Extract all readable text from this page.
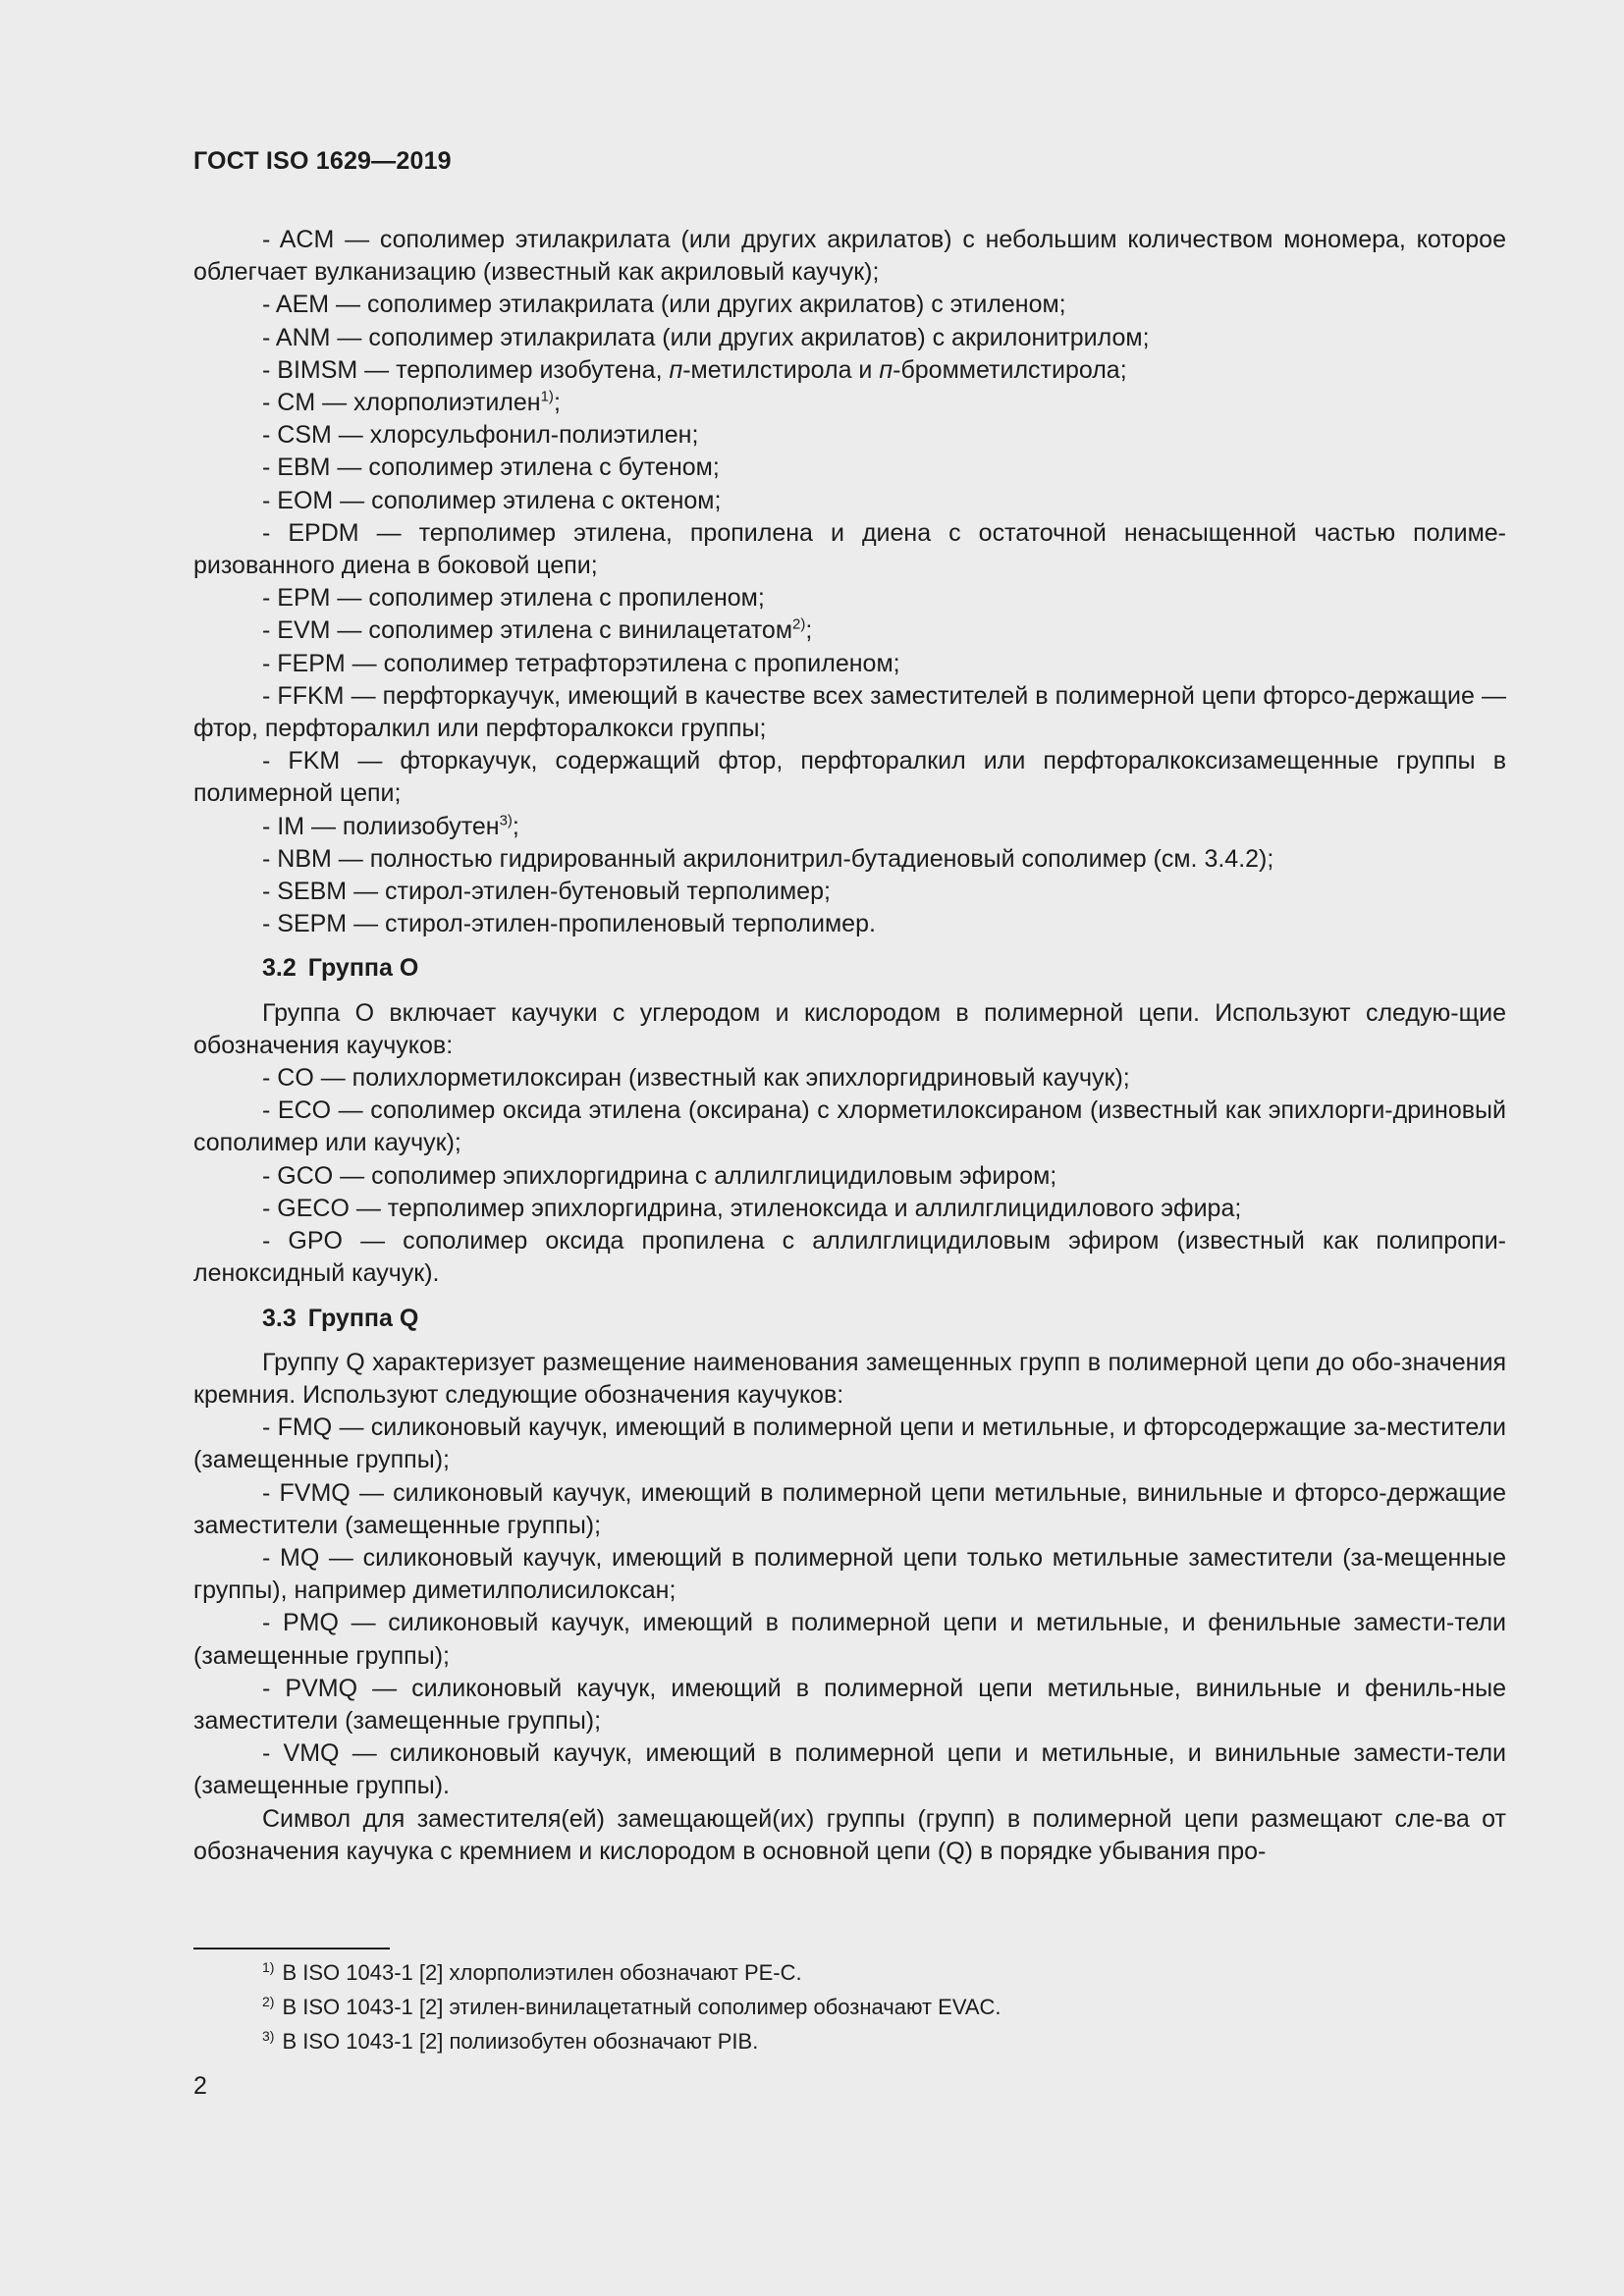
ГОСТ ISO 1629—2019

- ACM — сополимер этилакрилата (или других акрилатов) с небольшим количеством мономера, которое облегчает вулканизацию (известный как акриловый каучук);

- AEM — сополимер этилакрилата (или других акрилатов) с этиленом;

- ANM — сополимер этилакрилата (или других акрилатов) с акрилонитрилом;

- BIMSM — терполимер изобутена, п-метилстирола и п-бромметилстирола;

- CM — хлорполиэтилен$^{1)}$;

- CSM — хлорсульфонил-полиэтилен;

- EBM — сополимер этилена с бутеном;

- EOM — сополимер этилена с октеном;

- EPDM — терполимер этилена, пропилена и диена с остаточной ненасыщенной частью полиме-ризованного диена в боковой цепи;

- EPM — сополимер этилена с пропиленом;

- EVM — сополимер этилена с винилацетатом$^{2)}$;

- FEPM — сополимер тетрафторэтилена с пропиленом;

- FFKM — перфторкаучук, имеющий в качестве всех заместителей в полимерной цепи фторсо-держащие — фтор, перфторалкил или перфторалкокси группы;

- FKM — фторкаучук, содержащий фтор, перфторалкил или перфторалкоксизамещенные группы в полимерной цепи;

- IM — полиизобутен$^{3)}$;

- NBM — полностью гидрированный акрилонитрил-бутадиеновый сополимер (см. 3.4.2);

- SEBM — стирол-этилен-бутеновый терполимер;

- SEPM — стирол-этилен-пропиленовый терполимер.

3.2 Группа О

Группа О включает каучуки с углеродом и кислородом в полимерной цепи. Используют следую-щие обозначения каучуков:

- CO — полихлорметилоксиран (известный как эпихлоргидриновый каучук);

- ECO — сополимер оксида этилена (оксирана) с хлорметилоксираном (известный как эпихлорги-дриновый сополимер или каучук);

- GCO — сополимер эпихлоргидрина с аллилглицидиловым эфиром;

- GECO — терполимер эпихлоргидрина, этиленоксида и аллилглицидилового эфира;

- GPO — сополимер оксида пропилена с аллилглицидиловым эфиром (известный как полипропи-леноксидный каучук).

3.3 Группа Q

Группу Q характеризует размещение наименования замещенных групп в полимерной цепи до обо-значения кремния. Используют следующие обозначения каучуков:

- FMQ — силиконовый каучук, имеющий в полимерной цепи и метильные, и фторсодержащие за-местители (замещенные группы);

- FVMQ — силиконовый каучук, имеющий в полимерной цепи метильные, винильные и фторсо-держащие заместители (замещенные группы);

- MQ — силиконовый каучук, имеющий в полимерной цепи только метильные заместители (за-мещенные группы), например диметилполисилоксан;

- PMQ — силиконовый каучук, имеющий в полимерной цепи и метильные, и фенильные замести-тели (замещенные группы);

- PVMQ — силиконовый каучук, имеющий в полимерной цепи метильные, винильные и фениль-ные заместители (замещенные группы);

- VMQ — силиконовый каучук, имеющий в полимерной цепи и метильные, и винильные замести-тели (замещенные группы).

Символ для заместителя(ей) замещающей(их) группы (групп) в полимерной цепи размещают сле-ва от обозначения каучука с кремнием и кислородом в основной цепи (Q) в порядке убывания про-

$^{1)}$ В ISO 1043-1 [2] хлорполиэтилен обозначают PE-C.
$^{2)}$ В ISO 1043-1 [2] этилен-винилацетатный сополимер обозначают EVAC.
$^{3)}$ В ISO 1043-1 [2] полиизобутен обозначают PIB.
2
